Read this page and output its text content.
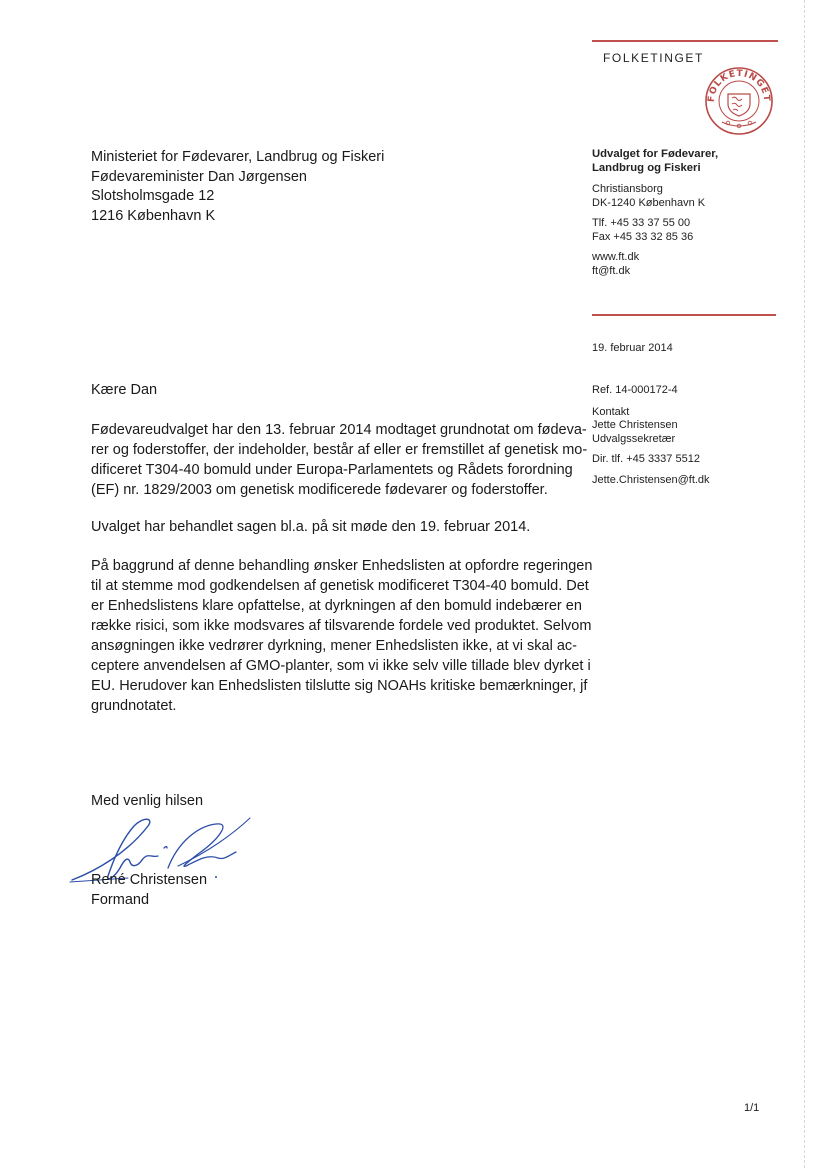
FOLKETINGET
FOLKETINGET
Ministeriet for Fødevarer, Landbrug og Fiskeri
Fødevareminister Dan Jørgensen
Slotsholmsgade 12
1216 København K
Udvalget for Fødevarer,
Landbrug og Fiskeri
Christiansborg
DK-1240 København K
Tlf. +45 33 37 55 00
Fax +45 33 32 85 36
www.ft.dk
ft@ft.dk
19. februar 2014
Ref. 14-000172-4
Kontakt
Jette Christensen
Udvalgssekretær
Dir. tlf. +45 3337 5512
Jette.Christensen@ft.dk
Kære Dan
Fødevareudvalget har den 13. februar 2014 modtaget grundnotat om fødeva-
rer og foderstoffer, der indeholder, består af eller er fremstillet af genetisk mo-
dificeret T304-40 bomuld under Europa-Parlamentets og Rådets forordning
(EF) nr. 1829/2003 om genetisk modificerede fødevarer og foderstoffer.
Uvalget har behandlet sagen bl.a. på sit møde den 19. februar 2014.
På baggrund af denne behandling ønsker Enhedslisten at opfordre regeringen
til at stemme mod godkendelsen af genetisk modificeret T304-40 bomuld. Det
er Enhedslistens klare opfattelse, at dyrkningen af den bomuld indebærer en
række risici, som ikke modsvares af tilsvarende fordele ved produktet. Selvom
ansøgningen ikke vedrører dyrkning, mener Enhedslisten ikke, at vi skal ac-
ceptere anvendelsen af GMO-planter, som vi ikke selv ville tillade blev dyrket i
EU. Herudover kan Enhedslisten tilslutte sig NOAHs kritiske bemærkninger, jf
grundnotatet.
Med venlig hilsen
René Christensen
Formand
1/1
